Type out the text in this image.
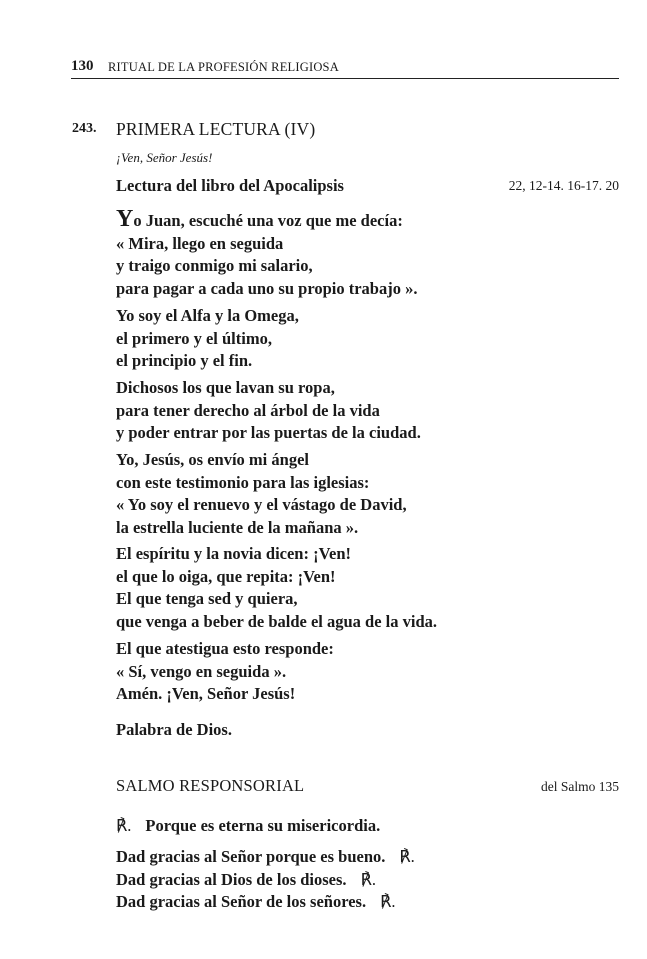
130 RITUAL DE LA PROFESIÓN RELIGIOSA
243. PRIMERA LECTURA (IV)
¡Ven, Señor Jesús!
Lectura del libro del Apocalipsis	22, 12-14. 16-17. 20
Yo Juan, escuché una voz que me decía:
« Mira, llego en seguida
y traigo conmigo mi salario,
para pagar a cada uno su propio trabajo ».
Yo soy el Alfa y la Omega,
el primero y el último,
el principio y el fin.
Dichosos los que lavan su ropa,
para tener derecho al árbol de la vida
y poder entrar por las puertas de la ciudad.
Yo, Jesús, os envío mi ángel
con este testimonio para las iglesias:
« Yo soy el renuevo y el vástago de David,
la estrella luciente de la mañana ».
El espíritu y la novia dicen: ¡Ven!
el que lo oiga, que repita: ¡Ven!
El que tenga sed y quiera,
que venga a beber de balde el agua de la vida.
El que atestigua esto responde:
« Sí, vengo en seguida ».
Amén. ¡Ven, Señor Jesús!
Palabra de Dios.
SALMO RESPONSORIAL	del Salmo 135
℟. Porque es eterna su misericordia.
Dad gracias al Señor porque es bueno. ℟.
Dad gracias al Dios de los dioses. ℟.
Dad gracias al Señor de los señores. ℟.
